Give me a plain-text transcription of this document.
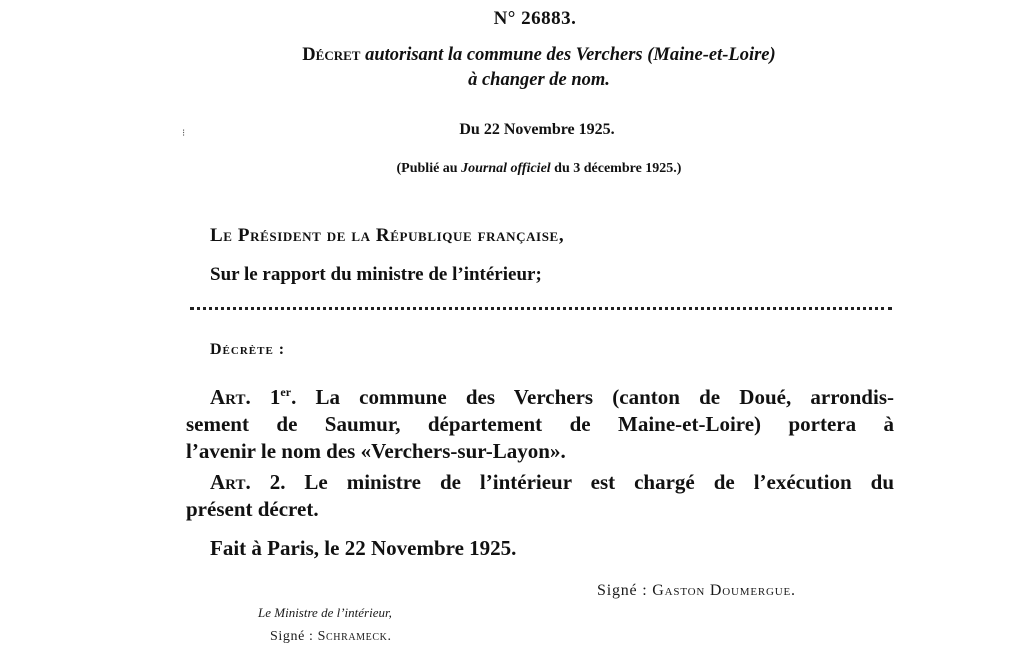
N° 26883.
Décret autorisant la commune des Verchers (Maine-et-Loire)
à changer de nom.
⁝	Du 22 Novembre 1925.
(Publié au Journal officiel du 3 décembre 1925.)
Le Président de la République française,
Sur le rapport du ministre de l’intérieur;
Décrète :
Art. 1er. La commune des Verchers (canton de Doué, arrondis-
sement de Saumur, département de Maine-et-Loire) portera à
l’avenir le nom des «Verchers-sur-Layon».
Art. 2. Le ministre de l’intérieur est chargé de l’exécution du
présent décret.
Fait à Paris, le 22 Novembre 1925.
Signé : Gaston Doumergue.
Le Ministre de l’intérieur,
Signé : Schrameck.
